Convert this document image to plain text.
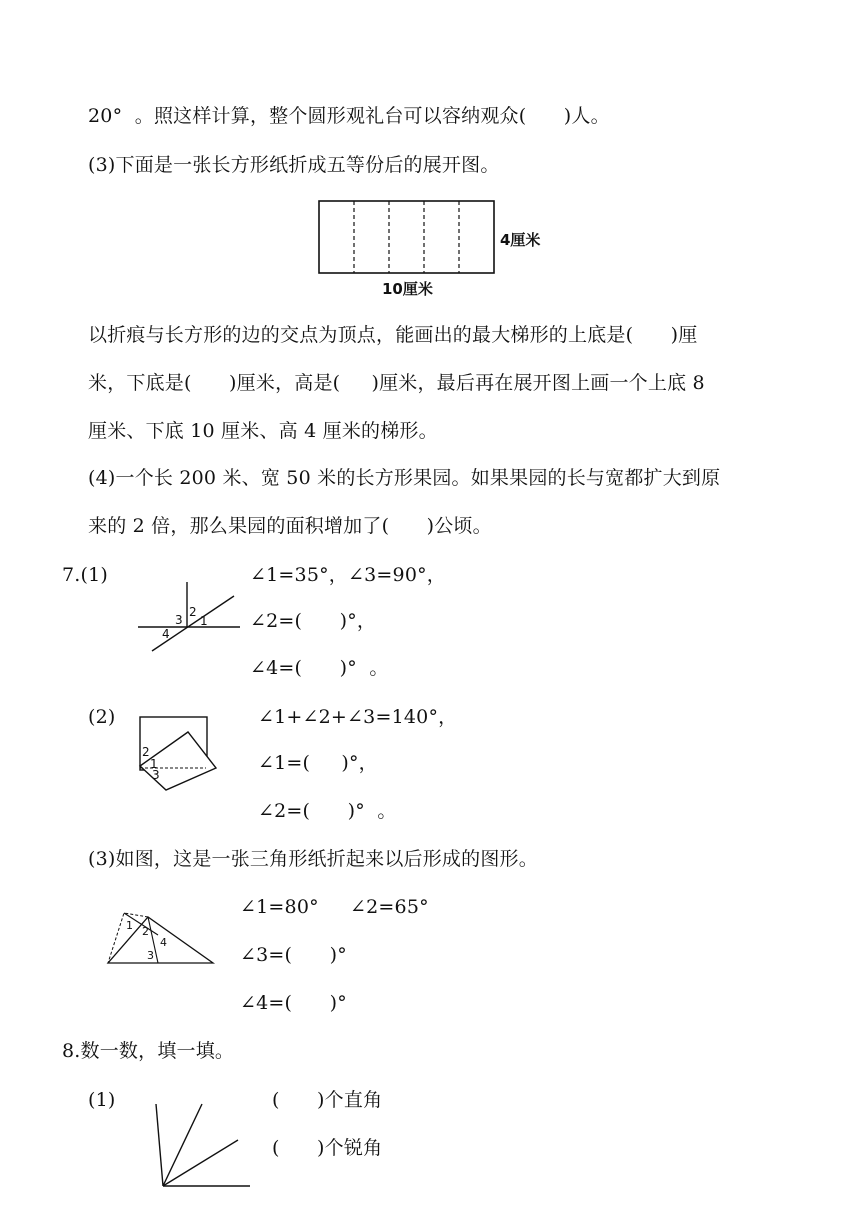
20°  。照这样计算，整个圆形观礼台可以容纳观众(      )人。
(3)下面是一张长方形纸折成五等份后的展开图。
4厘米
10厘米
以折痕与长方形的边的交点为顶点，能画出的最大梯形的上底是(      )厘
米，下底是(      )厘米，高是(     )厘米，最后再在展开图上画一个上底 8
厘米、下底 10 厘米、高 4 厘米的梯形。
(4)一个长 200 米、宽 50 米的长方形果园。如果果园的长与宽都扩大到原
来的 2 倍，那么果园的面积增加了(      )公顷。
7.(1)
1
2
3
4
∠1=35°，∠3=90°，
∠2=(      )°，
∠4=(      )°  。
(2)
2
1
3
∠1+∠2+∠3=140°，
∠1=(     )°，
∠2=(      )°  。
(3)如图，这是一张三角形纸折起来以后形成的图形。
1 2
3
4
∠1=80°     ∠2=65°
∠3=(      )°
∠4=(      )°
8.数一数，填一填。
(1)	(      )个直角
(      )个锐角
